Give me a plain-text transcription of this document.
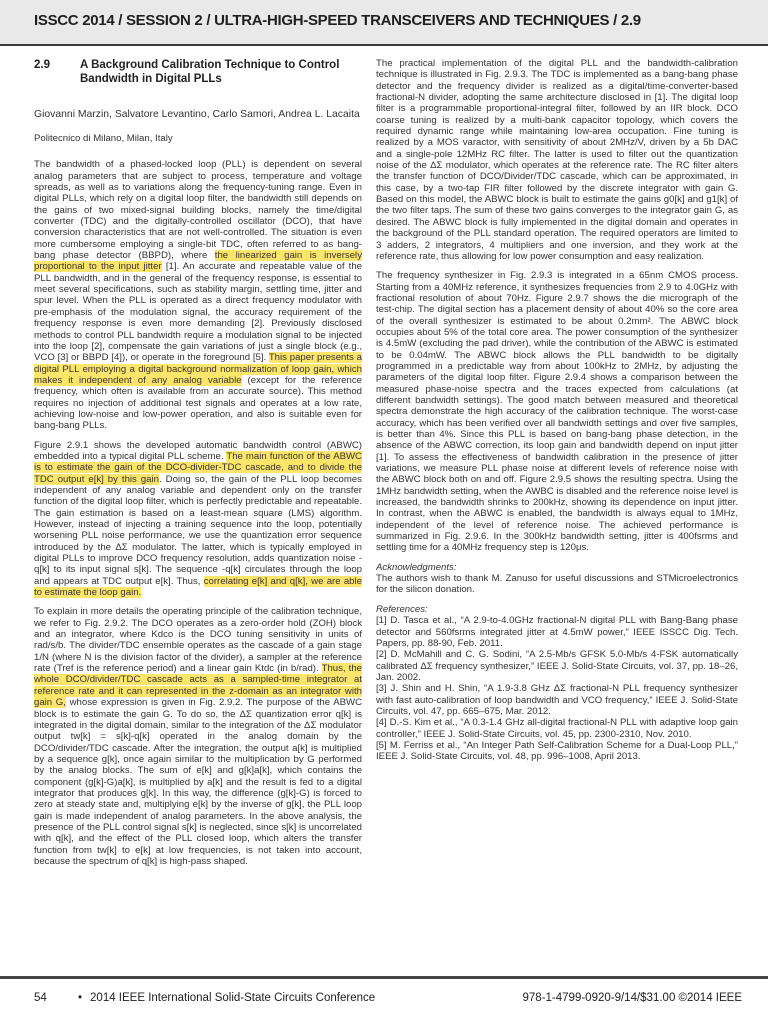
ISSCC 2014 / SESSION 2 / ULTRA-HIGH-SPEED TRANSCEIVERS AND TECHNIQUES / 2.9
2.9	A Background Calibration Technique to Control Bandwidth in Digital PLLs
Giovanni Marzin, Salvatore Levantino, Carlo Samori, Andrea L. Lacaita
Politecnico di Milano, Milan, Italy

The bandwidth of a phased-locked loop (PLL) is dependent on several analog parameters that are subject to process, temperature and voltage spreads, as well as to variations along the frequency-tuning range. Even in digital PLLs, which rely on a digital loop filter, the bandwidth still depends on the gains of two mixed-signal building blocks, namely the time/digital converter (TDC) and the digitally-controlled oscillator (DCO), that have conversion characteristics that are not well-controlled. The situation is even more cumbersome employing a single-bit TDC, often referred to as bang-bang phase detector (BBPD), where the linearized gain is inversely proportional to the input jitter [1]. An accurate and repeatable value of the PLL bandwidth, and in the general of the frequency response, is essential to meet several specifications, such as stability margin, settling time, jitter and spur level. When the PLL is operated as a direct frequency modulator with pre-emphasis of the modulation signal, the accuracy requirement of the frequency response is even more demanding [2]. Previously disclosed methods to control PLL bandwidth require a modulation signal to be injected into the loop [2], compensate the gain variations of just a single block (e.g., VCO [3] or BBPD [4]), or operate in the foreground [5]. This paper presents a digital PLL employing a digital background normalization of loop gain, which makes it independent of any analog variable (except for the reference frequency, which often is available from an accurate source). This method requires no injection of additional test signals and operates at a low rate, achieving low-noise and low-power operation, and also is suitable even for bang-bang PLLs.

Figure 2.9.1 shows the developed automatic bandwidth control (ABWC) embedded into a typical digital PLL scheme. The main function of the ABWC is to estimate the gain of the DCO-divider-TDC cascade, and to divide the TDC output e[k] by this gain. Doing so, the gain of the PLL loop becomes independent of any analog variable and dependent only on the transfer function of the digital loop filter, which is perfectly predictable and repeatable. The gain estimation is based on a least-mean square (LMS) algorithm. However, instead of injecting a training sequence into the loop, potentially worsening PLL noise performance, we use the quantization error sequence introduced by the ΔΣ modulator. The latter, which is typically employed in digital PLLs to improve DCO frequency resolution, adds quantization noise -q[k] to its input signal s[k]. The sequence -q[k] circulates through the loop and appears at TDC output e[k]. Thus, correlating e[k] and q[k], we are able to estimate the loop gain.

To explain in more details the operating principle of the calibration technique, we refer to Fig. 2.9.2. The DCO operates as a zero-order hold (ZOH) block and an integrator, where Kdco is the DCO tuning sensitivity in units of rad/s/b. The divider/TDC ensemble operates as the cascade of a gain stage 1/N (where N is the division factor of the divider), a sampler at the reference rate (Tref is the reference period) and a linear gain Ktdc (in b/rad). Thus, the whole DCO/divider/TDC cascade acts as a sampled-time integrator at reference rate and it can represented in the z-domain as an integrator with gain G, whose expression is given in Fig. 2.9.2. The purpose of the ABWC block is to estimate the gain G. To do so, the ΔΣ quantization error q[k] is integrated in the digital domain, similar to the integration of the ΔΣ modulator output tw[k] = s[k]-q[k] operated in the analog domain by the DCO/divider/TDC cascade. After the integration, the output a[k] is multiplied by a sequence g[k], once again similar to the multiplication by G performed by the analog blocks. The sum of e[k] and g[k]a[k], which contains the component (g[k]-G)a[k], is multiplied by a[k] and the result is fed to a digital integrator that produces g[k]. In this way, the difference (g[k]-G) is forced to zero at steady state and, multiplying e[k] by the inverse of g[k], the PLL loop gain is made independent of analog parameters. In the above analysis, the presence of the PLL control signal s[k] is neglected, since s[k] is uncorrelated with q[k], and the effect of the PLL closed loop, which alters the transfer function from tw[k] to e[k] at low frequencies, is not taken into account, because the spectrum of q[k] is high-pass shaped.

The practical implementation of the digital PLL and the bandwidth-calibration technique is illustrated in Fig. 2.9.3. The TDC is implemented as a bang-bang phase detector and the frequency divider is realized as a digital/time-converter-based fractional-N divider, adopting the same architecture disclosed in [1]. The digital loop filter is a programmable proportional-integral filter, followed by an IIR block. DCO coarse tuning is realized by a multi-bank capacitor topology, which covers the required dynamic range while maintaining low-area occupation. Fine tuning is realized by a MOS varactor, with sensitivity of about 2MHz/V, driven by a 5b DAC and a single-pole 12MHz RC filter. The latter is used to filter out the quantization noise of the ΔΣ modulator, which operates at the reference rate. The RC filter alters the transfer function of DCO/Divider/TDC cascade, which can be approximated, in this case, by a two-tap FIR filter followed by the discrete integrator with gain G. Based on this model, the ABWC block is built to estimate the gains g0[k] and g1[k] of the two filter taps. The sum of these two gains converges to the integrator gain G, as desired. The ABWC block is fully implemented in the digital domain and operates in the background of the PLL standard operation. The required operators are limited to 3 adders, 2 integrators, 4 multipliers and one inversion, and they work at the reference rate, thus allowing for low power consumption and easy realization.

The frequency synthesizer in Fig. 2.9.3 is integrated in a 65nm CMOS process. Starting from a 40MHz reference, it synthesizes frequencies from 2.9 to 4.0GHz with fractional resolution of about 70Hz. Figure 2.9.7 shows the die micrograph of the test-chip. The digital section has a placement density of about 40% so the core area of the overall synthesizer is estimated to be about 0.2mm². The ABWC block occupies about 5% of the total core area. The power consumption of the synthesizer is 4.5mW (excluding the pad driver), while the contribution of the ABWC is estimated to be 0.04mW. The ABWC block allows the PLL bandwidth to be digitally programmed in a predictable way from about 100kHz to 2MHz, by adjusting the parameters of the digital loop filter. Figure 2.9.4 shows a comparison between the measured phase-noise spectra and the traces expected from calculations (at different bandwidth settings). The good match between measured and theoretical spectra demonstrate the high accuracy of the calibration technique. The worst-case accuracy, which has been verified over all bandwidth settings and over five samples, is better than 4%. Since this PLL is based on bang-bang phase detection, in the absence of the ABWC correction, its loop gain and bandwidth depend on input jitter [1]. To assess the effectiveness of bandwidth calibration in the presence of jitter variations, we measure PLL phase noise at different levels of reference noise with the ABWC block both on and off. Figure 2.9.5 shows the resulting spectra. Using the 1MHz bandwidth setting, when the AWBC is disabled and the reference noise level is increased, the bandwidth shrinks to 200kHz, showing its dependence on input jitter. In contrast, when the ABWC is enabled, the bandwidth is always equal to 1MHz, independent of the level of reference noise. The achieved performance is summarized in Fig. 2.9.6. In the 300kHz bandwidth setting, jitter is 400fsrms and settling time for a 40MHz frequency step is 120μs.

Acknowledgments:

The authors wish to thank M. Zanuso for useful discussions and STMicroelectronics for the silicon donation.

References:

[1] D. Tasca et al., “A 2.9-to-4.0GHz fractional-N digital PLL with Bang-Bang phase detector and 560fsrms integrated jitter at 4.5mW power,” IEEE ISSCC Dig. Tech. Papers, pp. 88-90, Feb. 2011.
[2] D. McMahill and C. G. Sodini, “A 2.5-Mb/s GFSK 5.0-Mb/s 4-FSK automatically calibrated ΔΣ frequency synthesizer,” IEEE J. Solid-State Circuits, vol. 37, pp. 18–26, Jan. 2002.
[3] J. Shin and H. Shin, “A 1.9-3.8 GHz ΔΣ fractional-N PLL frequency synthesizer with fast auto-calibration of loop bandwidth and VCO frequency,” IEEE J. Solid-State Circuits, vol. 47, pp. 665–675, Mar. 2012.
[4] D.-S. Kim et al., “A 0.3-1.4 GHz all-digital fractional-N PLL with adaptive loop gain controller,” IEEE J. Solid-State Circuits, vol. 45, pp. 2300-2310, Nov. 2010.
[5] M. Ferriss et al., “An Integer Path Self-Calibration Scheme for a Dual-Loop PLL,” IEEE J. Solid-State Circuits, vol. 48, pp. 996–1008, April 2013.
54	• 2014 IEEE International Solid-State Circuits Conference	978-1-4799-0920-9/14/$31.00 ©2014 IEEE
